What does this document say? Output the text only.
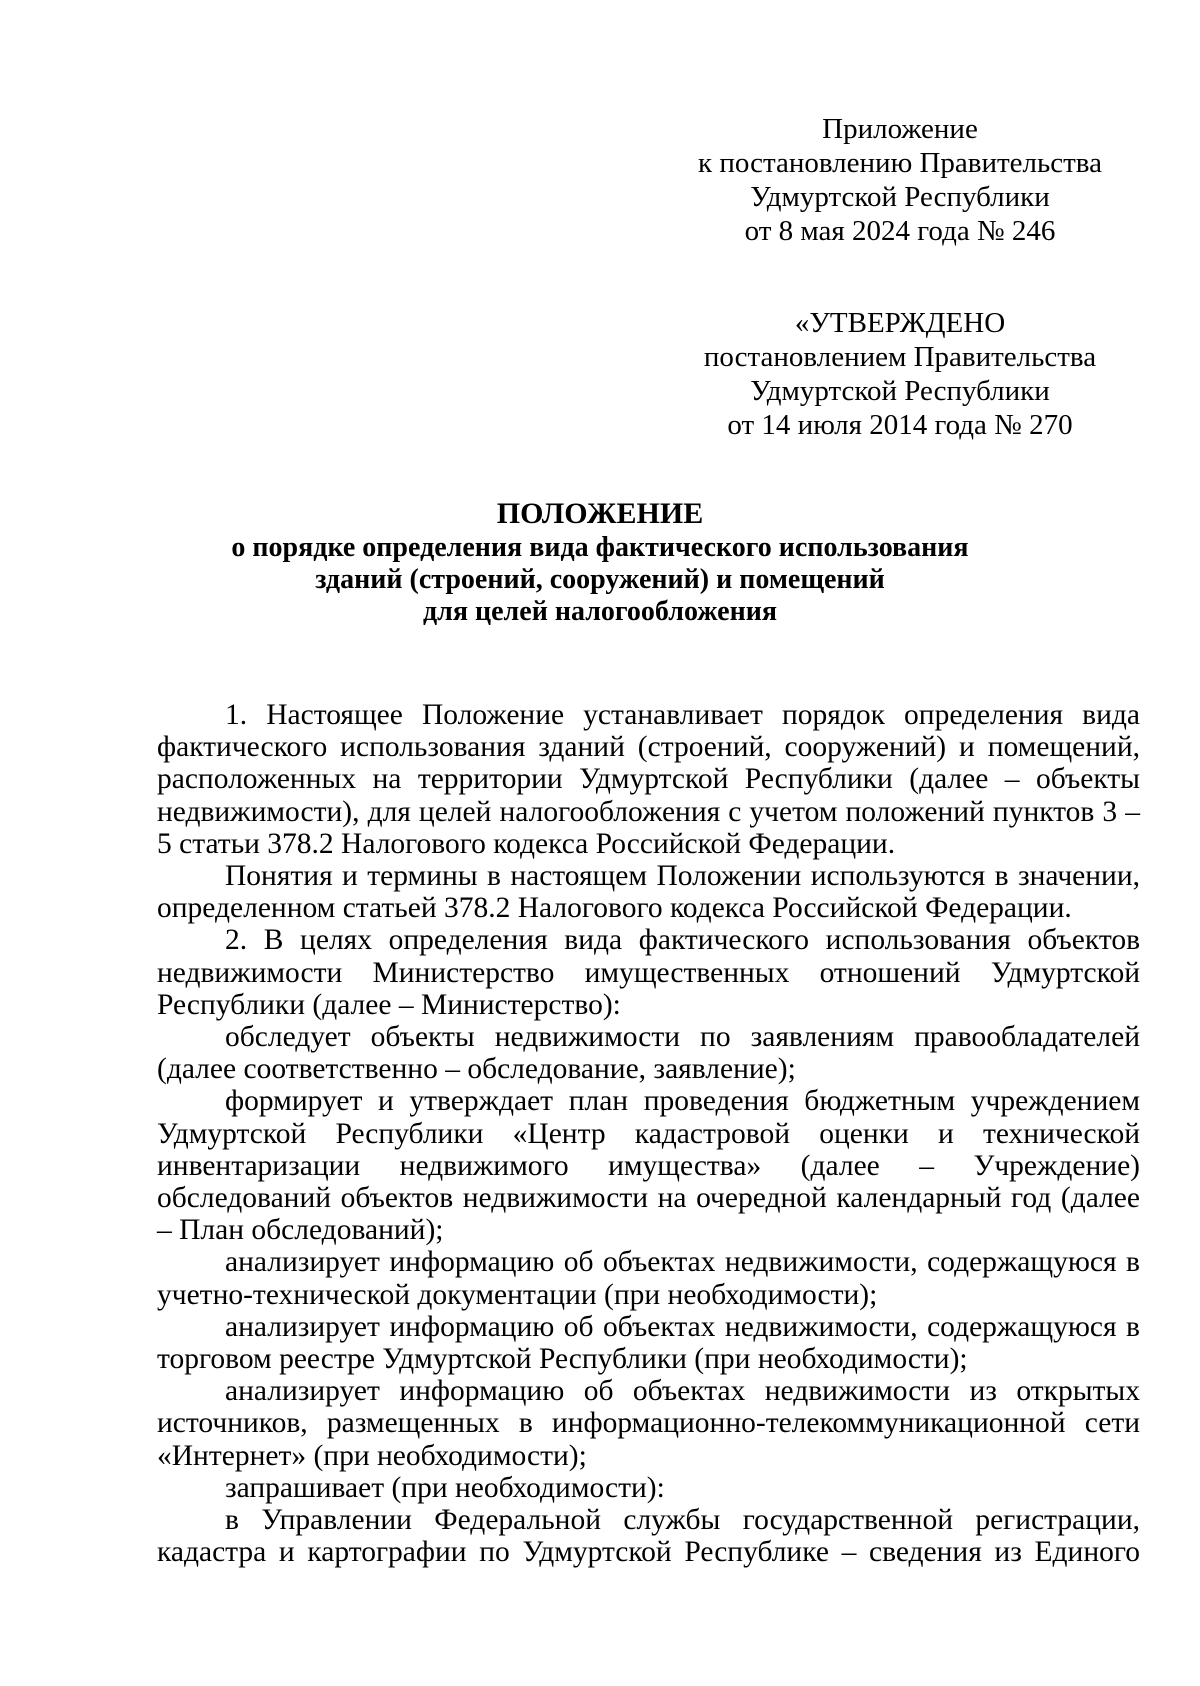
Приложение
к постановлению Правительства
Удмуртской Республики
от 8 мая 2024 года № 246
«УТВЕРЖДЕНО
постановлением Правительства
Удмуртской Республики
от 14 июля 2014 года № 270
ПОЛОЖЕНИЕ
о порядке определения вида фактического использования
зданий (строений, сооружений) и помещений
для целей налогообложения

1. Настоящее Положение устанавливает порядок определения вида фактического использования зданий (строений, сооружений) и помещений, расположенных на территории Удмуртской Республики (далее – объекты недвижимости), для целей налогообложения с учетом положений пунктов 3 – 5 статьи 378.2 Налогового кодекса Российской Федерации.

Понятия и термины в настоящем Положении используются в значении, определенном статьей 378.2 Налогового кодекса Российской Федерации.

2. В целях определения вида фактического использования объектов недвижимости Министерство имущественных отношений Удмуртской Республики (далее – Министерство):

обследует объекты недвижимости по заявлениям правообладателей (далее соответственно – обследование, заявление);

формирует и утверждает план проведения бюджетным учреждением Удмуртской Республики «Центр кадастровой оценки и технической инвентаризации недвижимого имущества» (далее – Учреждение) обследований объектов недвижимости на очередной календарный год (далее – План обследований);

анализирует информацию об объектах недвижимости, содержащуюся в учетно-технической документации (при необходимости);

анализирует информацию об объектах недвижимости, содержащуюся в торговом реестре Удмуртской Республики (при необходимости);

анализирует информацию об объектах недвижимости из открытых источников, размещенных в информационно-телекоммуникационной сети «Интернет» (при необходимости);

запрашивает (при необходимости):

в Управлении Федеральной службы государственной регистрации, кадастра и картографии по Удмуртской Республике – сведения из Единого
